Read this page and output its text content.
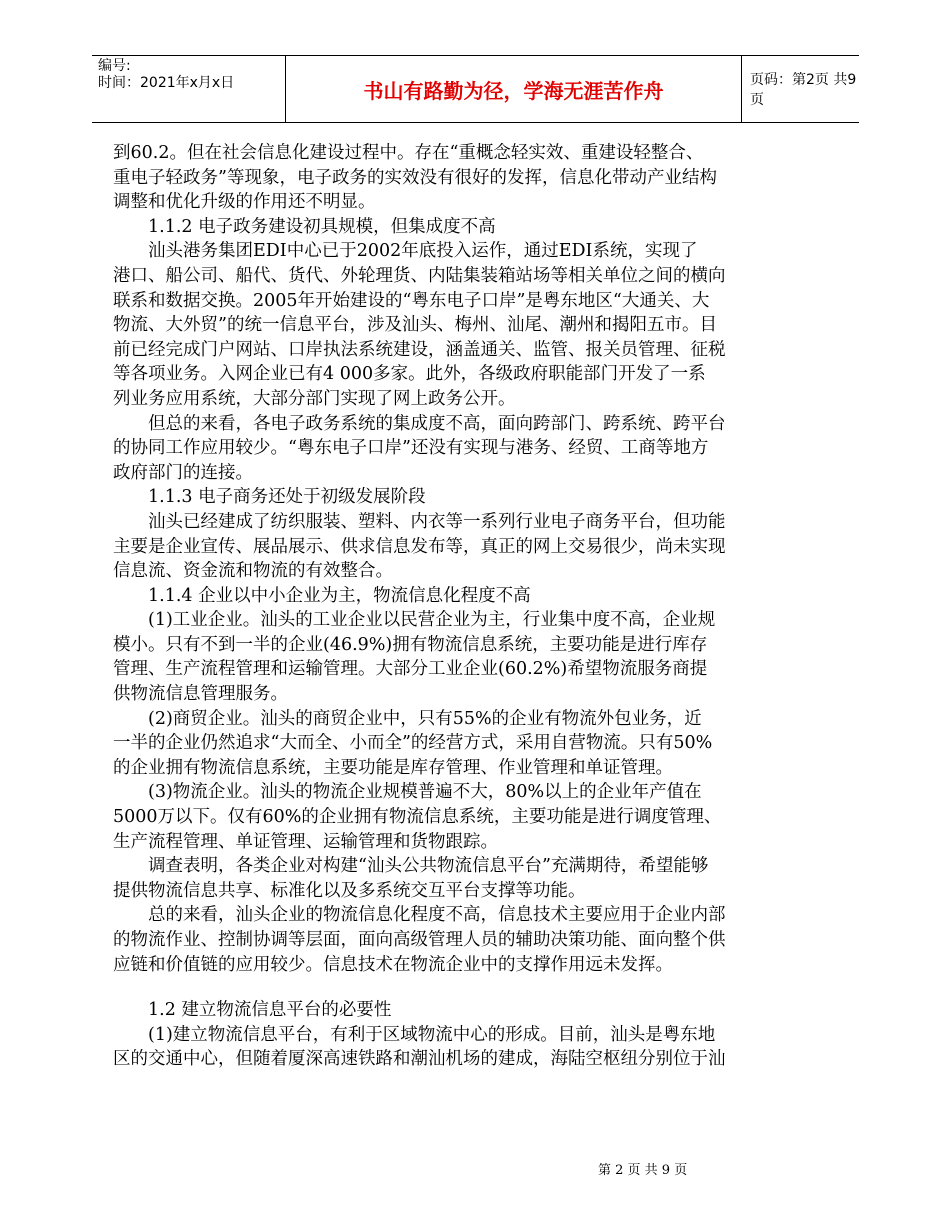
编号:
时间：2021年x月x日	书山有路勤为径，学海无涯苦作舟	页码：第2页 共9页
到60.2。但在社会信息化建设过程中。存在“重概念轻实效、重建设轻整合、
重电子轻政务”等现象，电子政务的实效没有很好的发挥，信息化带动产业结构
调整和优化升级的作用还不明显。
1.1.2 电子政务建设初具规模，但集成度不高
汕头港务集团EDI中心已于2002年底投入运作，通过EDI系统，实现了
港口、船公司、船代、货代、外轮理货、内陆集装箱站场等相关单位之间的横向
联系和数据交换。2005年开始建设的“粤东电子口岸”是粤东地区“大通关、大
物流、大外贸”的统一信息平台，涉及汕头、梅州、汕尾、潮州和揭阳五市。目
前已经完成门户网站、口岸执法系统建设，涵盖通关、监管、报关员管理、征税
等各项业务。入网企业已有4 000多家。此外，各级政府职能部门开发了一系
列业务应用系统，大部分部门实现了网上政务公开。
但总的来看，各电子政务系统的集成度不高，面向跨部门、跨系统、跨平台
的协同工作应用较少。“粤东电子口岸”还没有实现与港务、经贸、工商等地方
政府部门的连接。
1.1.3 电子商务还处于初级发展阶段
汕头已经建成了纺织服装、塑料、内衣等一系列行业电子商务平台，但功能
主要是企业宣传、展品展示、供求信息发布等，真正的网上交易很少，尚未实现
信息流、资金流和物流的有效整合。
1.1.4 企业以中小企业为主，物流信息化程度不高
(1)工业企业。汕头的工业企业以民营企业为主，行业集中度不高，企业规
模小。只有不到一半的企业(46.9%)拥有物流信息系统，主要功能是进行库存
管理、生产流程管理和运输管理。大部分工业企业(60.2%)希望物流服务商提
供物流信息管理服务。
(2)商贸企业。汕头的商贸企业中，只有55%的企业有物流外包业务，近
一半的企业仍然追求“大而全、小而全”的经营方式，采用自营物流。只有50%
的企业拥有物流信息系统，主要功能是库存管理、作业管理和单证管理。
(3)物流企业。汕头的物流企业规模普遍不大，80%以上的企业年产值在
5000万以下。仅有60%的企业拥有物流信息系统，主要功能是进行调度管理、
生产流程管理、单证管理、运输管理和货物跟踪。
调查表明，各类企业对构建“汕头公共物流信息平台”充满期待，希望能够
提供物流信息共享、标准化以及多系统交互平台支撑等功能。
总的来看，汕头企业的物流信息化程度不高，信息技术主要应用于企业内部
的物流作业、控制协调等层面，面向高级管理人员的辅助决策功能、面向整个供
应链和价值链的应用较少。信息技术在物流企业中的支撑作用远未发挥。
1.2 建立物流信息平台的必要性
(1)建立物流信息平台，有利于区域物流中心的形成。目前，汕头是粤东地
区的交通中心，但随着厦深高速铁路和潮汕机场的建成，海陆空枢纽分别位于汕
第 2 页 共 9 页
